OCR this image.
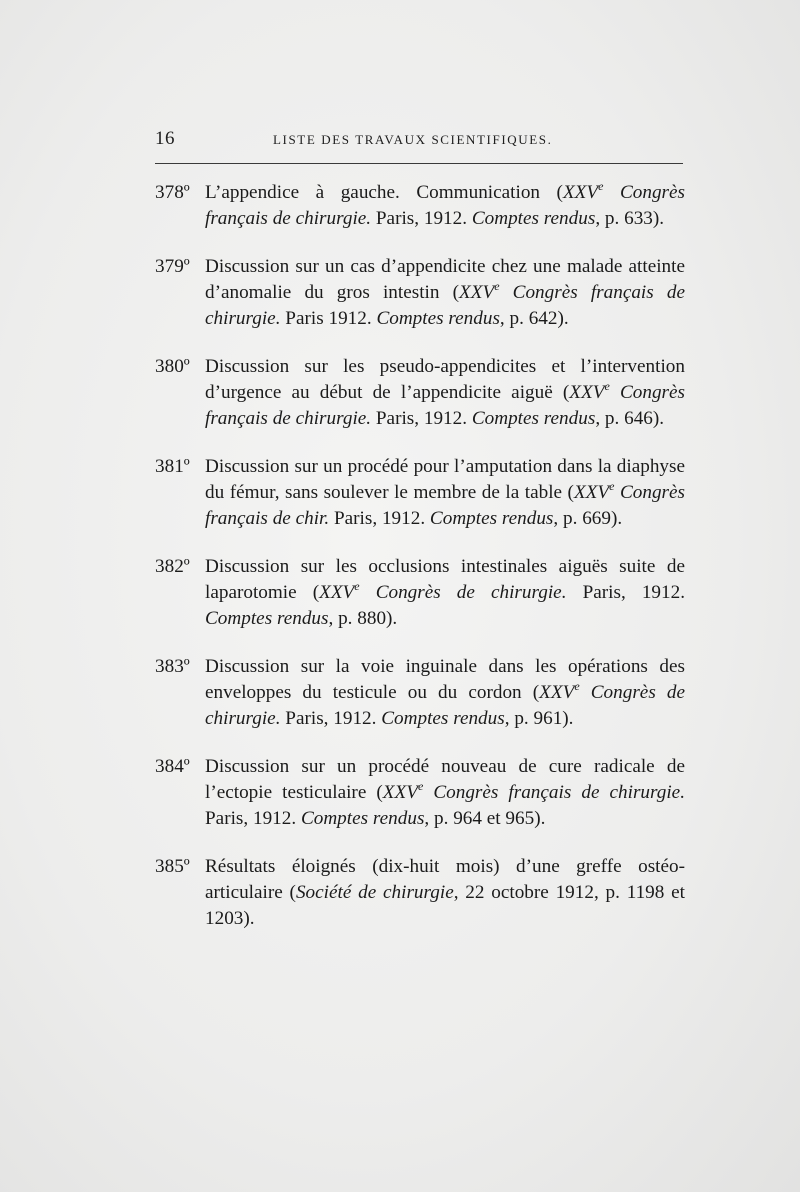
16	LISTE DES TRAVAUX SCIENTIFIQUES.
378º L’appendice à gauche. Communication (XXVe Congrès français de chirurgie. Paris, 1912. Comptes rendus, p. 633).
379º Discussion sur un cas d’appendicite chez une malade atteinte d’anomalie du gros intestin (XXVe Congrès français de chirurgie. Paris 1912. Comptes rendus, p. 642).
380º Discussion sur les pseudo-appendicites et l’intervention d’urgence au début de l’appendicite aiguë (XXVe Congrès français de chirurgie. Paris, 1912. Comptes rendus, p. 646).
381º Discussion sur un procédé pour l’amputation dans la diaphyse du fémur, sans soulever le membre de la table (XXVe Congrès français de chir. Paris, 1912. Comptes rendus, p. 669).
382º Discussion sur les occlusions intestinales aiguës suite de laparotomie (XXVe Congrès de chirurgie. Paris, 1912. Comptes rendus, p. 880).
383º Discussion sur la voie inguinale dans les opérations des enveloppes du testicule ou du cordon (XXVe Congrès de chirurgie. Paris, 1912. Comptes rendus, p. 961).
384º Discussion sur un procédé nouveau de cure radicale de l’ectopie testiculaire (XXVe Congrès français de chirurgie. Paris, 1912. Comptes rendus, p. 964 et 965).
385º Résultats éloignés (dix-huit mois) d’une greffe ostéo-articulaire (Société de chirurgie, 22 octobre 1912, p. 1198 et 1203).
